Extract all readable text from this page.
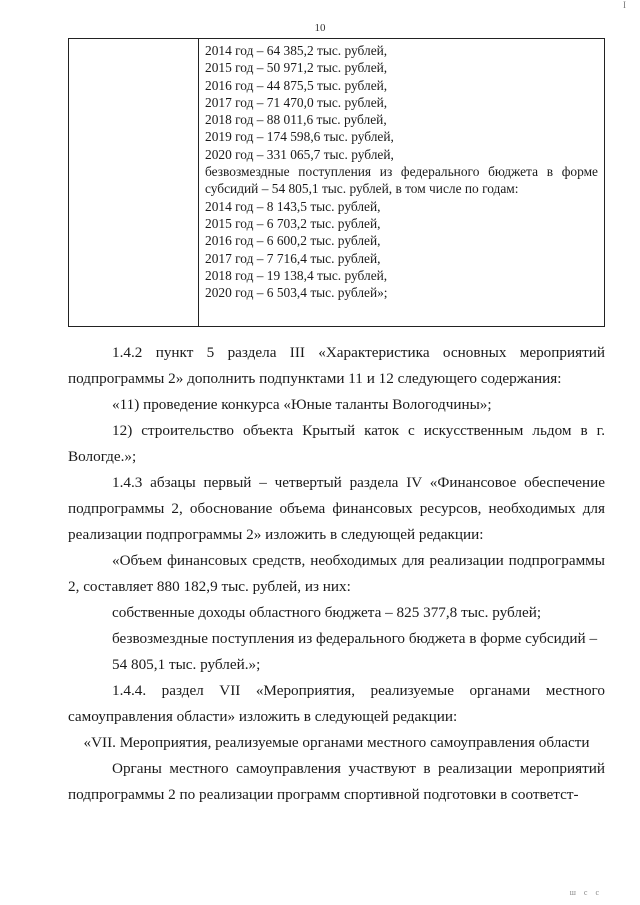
I
10

2014 год – 64 385,2 тыс. рублей,
2015 год – 50 971,2 тыс. рублей,
2016 год – 44 875,5 тыс. рублей,
2017 год – 71 470,0 тыс. рублей,
2018 год – 88 011,6 тыс. рублей,
2019 год – 174 598,6 тыс. рублей,
2020 год – 331 065,7 тыс. рублей,
безвозмездные поступления из федерального бюджета в форме субсидий – 54 805,1 тыс. рублей, в том числе по годам:
2014 год – 8 143,5 тыс. рублей,
2015 год – 6 703,2 тыс. рублей,
2016 год – 6 600,2 тыс. рублей,
2017 год – 7 716,4 тыс. рублей,
2018 год – 19 138,4 тыс. рублей,
2020 год – 6 503,4 тыс. рублей»;

1.4.2 пункт 5 раздела III «Характеристика основных мероприятий подпрограммы 2» дополнить подпунктами 11 и 12 следующего содержания:

«11) проведение конкурса «Юные таланты Вологодчины»;

12) строительство объекта Крытый каток с искусственным льдом в г. Вологде.»;

1.4.3 абзацы первый – четвертый раздела IV «Финансовое обеспечение подпрограммы 2, обоснование объема финансовых ресурсов, необходимых для реализации подпрограммы 2» изложить в следующей редакции:

«Объем финансовых средств, необходимых для реализации подпрограммы 2, составляет 880 182,9 тыс. рублей, из них:

собственные доходы областного бюджета – 825 377,8 тыс. рублей;

безвозмездные поступления из федерального бюджета в форме субсидий –

54 805,1 тыс. рублей.»;

1.4.4. раздел VII «Мероприятия, реализуемые органами местного самоуправления области» изложить в следующей редакции:

«VII. Мероприятия, реализуемые органами местного самоуправления области

Органы местного самоуправления участвуют в реализации мероприятий подпрограммы 2 по реализации программ спортивной подготовки в соответст-

ш с с
